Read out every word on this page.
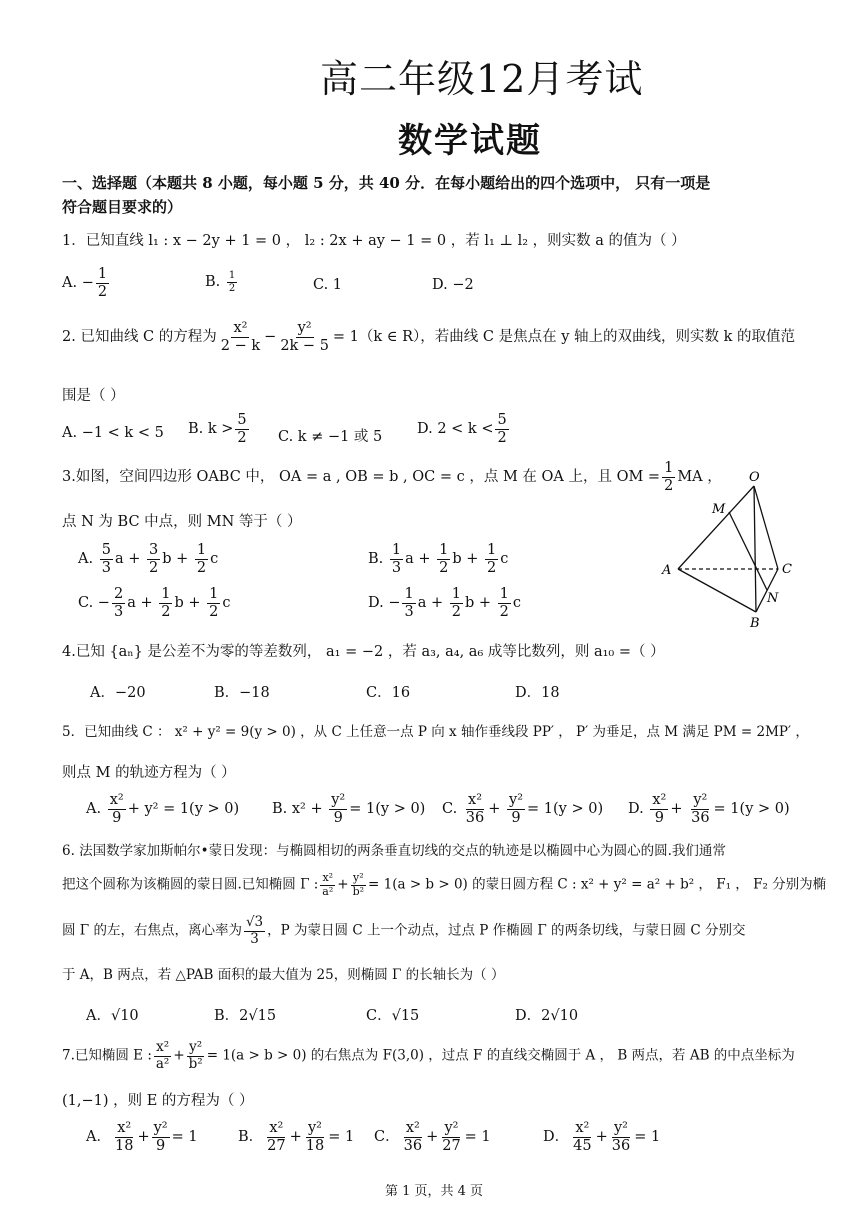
高二年级12月考试
数学试题
一、选择题（本题共 8 小题，每小题 5 分，共 40 分．在每小题给出的四个选项中， 只有一项是
符合题目要求的）
1．已知直线 l₁ : x − 2y + 1 = 0 ， l₂ : 2x + ay − 1 = 0 ，若 l₁ ⊥ l₂ ，则实数 a 的值为（ ）
A. − $\frac{1}{2}$	B. $\frac{1}{2}$	C. 1	D. −2
2. 已知曲线 C 的方程为 $\frac{\text{x²}}{2 - k} - \frac{\text{y²}}{2k - 5} = 1(k$ ∈ R），若曲线 C 是焦点在 y 轴上的双曲线，则实数 k 的取值范
围是（ ）
A. −1 < k < 5 B. $k > \frac{5}{2} C$. k ≠ −1 或 5 D. $2 < k < \frac{5}{2}$
3.如图，空间四边形 OABC 中， OA = a , OB = b , OC = c ，点 M 在 OA 上，且 OM = $\frac{1}{2}$ MA ，
点 N 为 BC 中点，则 MN 等于（ ）
A. $\frac{5}{3}$ $a + \frac{3}{2}$ $b + \frac{1}{2}$ c	B. $\frac{1}{3}$ $a + \frac{1}{2}$ $b + \frac{1}{2}$ c
C. − $\frac{2}{3}$ $a + \frac{1}{2}$ $b + \frac{1}{2}$ c	D. − $\frac{1}{3}$ $a + \frac{1}{2}$ $b + \frac{1}{2}$ c
O
M
A	C
N
B
4.已知 {aₙ} 是公差不为零的等差数列， a₁ = −2 ，若 a₃, a₄, a₆ 成等比数列，则 a₁₀ =（ ）
A．−20	B．−18	C．16	D．18
5．已知曲线 C ： x² + y² = 9(y > 0) ，从 C 上任意一点 P 向 x 轴作垂线段 PP′ ， P′ 为垂足，点 M 满足 PM = 2MP′ ，
则点 M 的轨迹方程为（ ）
A. $\frac{\text{x²}}{9} + y^2 = 1(y > 0)$ B. $x^2 + \frac{\text{y²}}{9} = 1(y > 0)$ C. $\frac{\text{x²}}{36} + \frac{\text{y²}}{9} = 1(y > 0)$ D. $\frac{\text{x²}}{9} + \frac{\text{y²}}{36} = 1(y > 0)$
6. 法国数学家加斯帕尔•蒙日发现：与椭圆相切的两条垂直切线的交点的轨迹是以椭圆中心为圆心的圆.我们通常
把这个圆称为该椭圆的蒙日圆.已知椭圆 Γ : $\frac{\text{x²}}{\text{a²}} + \frac{\text{y²}}{\text{b²}} = 1(a > b > 0)$ 的蒙日圆方程 C : x² + y² = a² + b² ， F₁ ， F₂ 分别为椭
圆 Γ 的左，右焦点，离心率为 $\frac{√3}{3}$ ，P 为蒙日圆 C 上一个动点，过点 P 作椭圆 Γ 的两条切线，与蒙日圆 C 分别交
于 A，B 两点，若 △PAB 面积的最大值为 25，则椭圆 Γ 的长轴长为（ ）
A．√10	B．2√15	C．√15	D．2√10
7.已知椭圆 E : $\frac{\text{x²}}{\text{a²}} + \frac{\text{y²}}{\text{b²}} = 1(a > b > 0)$ 的右焦点为 F(3,0) ，过点 F 的直线交椭圆于 A ， B 两点，若 AB 的中点坐标为
(1,−1) ，则 E 的方程为（ ）
A． $\frac{\text{x²}}{18} + \frac{\text{y²}}{9} = 1$	B． $\frac{\text{x²}}{27} + \frac{\text{y²}}{18} = 1$ C． $\frac{\text{x²}}{36} + \frac{\text{y²}}{27} = 1$	D． $\frac{\text{x²}}{45} + \frac{\text{y²}}{36} = 1$
第 1 页，共 4 页
